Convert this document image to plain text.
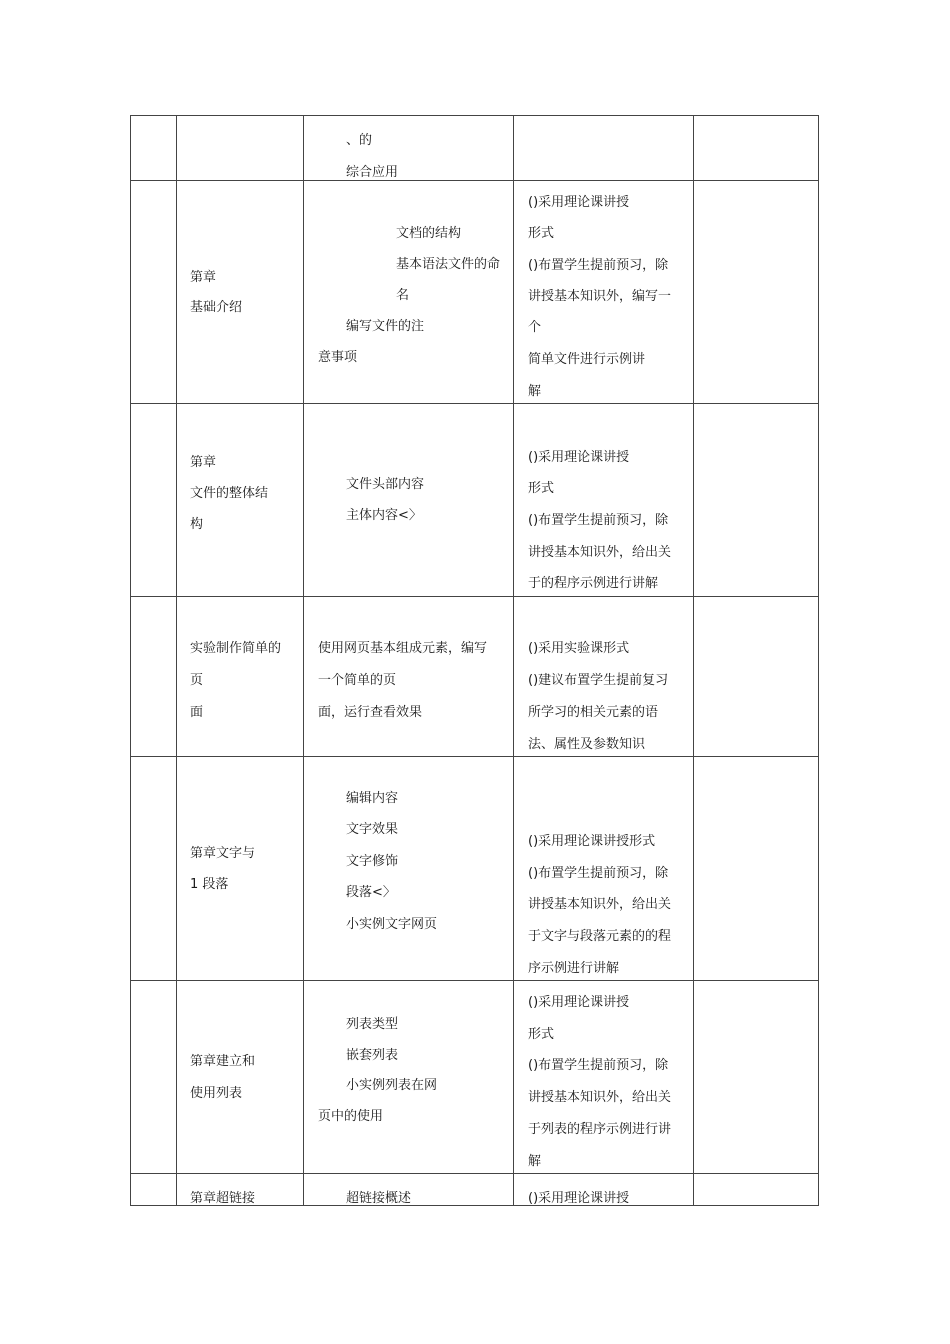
、的
综合应用
第章
基础介绍
文档的结构
基本语法文件的命
名
编写文件的注
意事项
()采用理论课讲授
形式
()布置学生提前预习，除
讲授基本知识外，编写一
个
简单文件进行示例讲
解
第章
文件的整体结
构
文件头部内容
主体内容<〉
()采用理论课讲授
形式
()布置学生提前预习，除
讲授基本知识外，给出关
于的程序示例进行讲解
实验制作简单的
页
面
使用网页基本组成元素，编写
一个简单的页
面，运行查看效果
()采用实验课形式
()建议布置学生提前复习
所学习的相关元素的语
法、属性及参数知识
第章文字与
1 段落
编辑内容
文字效果
文字修饰
段落<〉
小实例文字网页
()采用理论课讲授形式
()布置学生提前预习，除
讲授基本知识外，给出关
于文字与段落元素的的程
序示例进行讲解
第章建立和
使用列表
列表类型
嵌套列表
小实例列表在网
页中的使用
()采用理论课讲授
形式
()布置学生提前预习，除
讲授基本知识外，给出关
于列表的程序示例进行讲
解
第章超链接	超链接概述	()采用理论课讲授
